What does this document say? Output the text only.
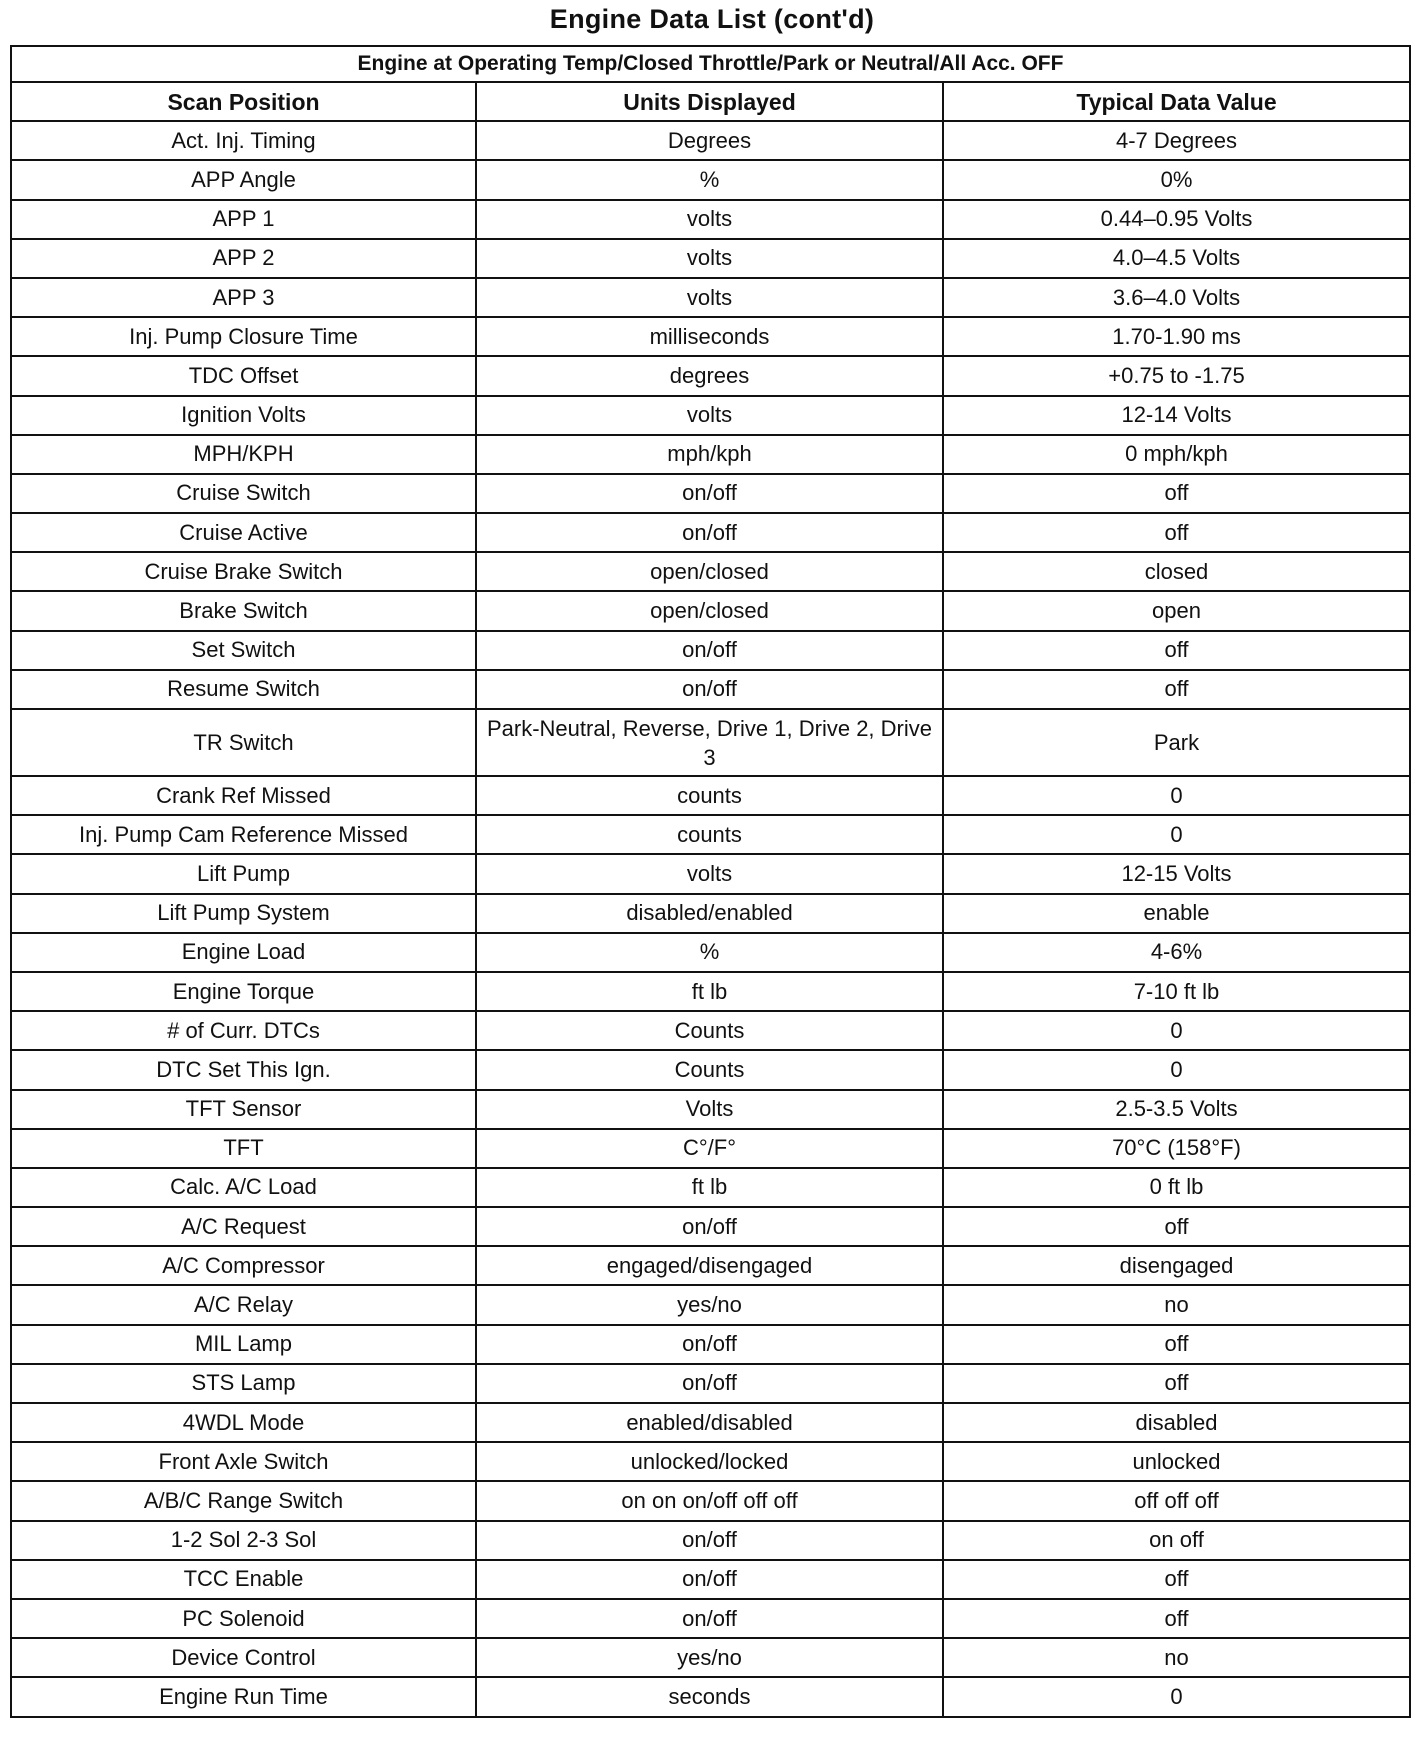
Engine Data List (cont'd)
Engine at Operating Temp/Closed Throttle/Park or Neutral/All Acc. OFF		
Scan Position	Units Displayed	Typical Data Value
Act. Inj. Timing	Degrees	4-7 Degrees
APP Angle	%	0%
APP 1	volts	0.44–0.95 Volts
APP 2	volts	4.0–4.5 Volts
APP 3	volts	3.6–4.0 Volts
Inj. Pump Closure Time	milliseconds	1.70-1.90 ms
TDC Offset	degrees	+0.75 to -1.75
Ignition Volts	volts	12-14 Volts
MPH/KPH	mph/kph	0 mph/kph
Cruise Switch	on/off	off
Cruise Active	on/off	off
Cruise Brake Switch	open/closed	closed
Brake Switch	open/closed	open
Set Switch	on/off	off
Resume Switch	on/off	off
TR Switch	Park-Neutral, Reverse, Drive 1, Drive 2, Drive 3	Park
Crank Ref Missed	counts	0
Inj. Pump Cam Reference Missed	counts	0
Lift Pump	volts	12-15 Volts
Lift Pump System	disabled/enabled	enable
Engine Load	%	4-6%
Engine Torque	ft lb	7-10 ft lb
# of Curr. DTCs	Counts	0
DTC Set This Ign.	Counts	0
TFT Sensor	Volts	2.5-3.5 Volts
TFT	C°/F°	70°C (158°F)
Calc. A/C Load	ft lb	0 ft lb
A/C Request	on/off	off
A/C Compressor	engaged/disengaged	disengaged
A/C Relay	yes/no	no
MIL Lamp	on/off	off
STS Lamp	on/off	off
4WDL Mode	enabled/disabled	disabled
Front Axle Switch	unlocked/locked	unlocked
A/B/C Range Switch	on on on/off off off	off off off
1-2 Sol 2-3 Sol	on/off	on off
TCC Enable	on/off	off
PC Solenoid	on/off	off
Device Control	yes/no	no
Engine Run Time	seconds	0
